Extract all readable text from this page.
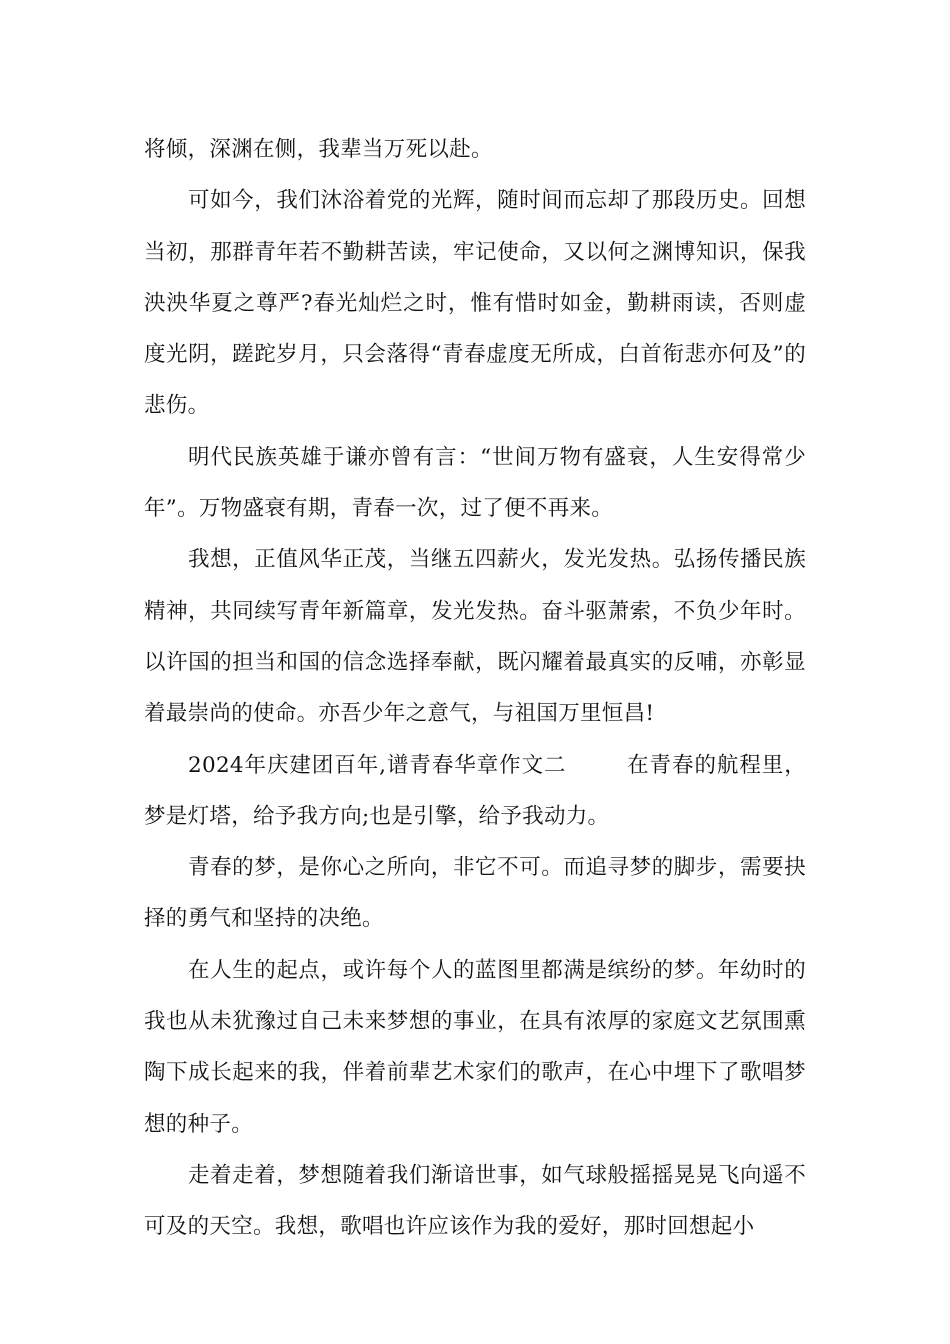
将倾，深渊在侧，我辈当万死以赴。

可如今，我们沐浴着党的光辉，随时间而忘却了那段历史。回想当初，那群青年若不勤耕苦读，牢记使命，又以何之渊博知识，保我泱泱华夏之尊严?春光灿烂之时，惟有惜时如金，勤耕雨读，否则虚度光阴，蹉跎岁月，只会落得“青春虚度无所成，白首衔悲亦何及”的悲伤。

明代民族英雄于谦亦曾有言：“世间万物有盛衰，人生安得常少年”。万物盛衰有期，青春一次，过了便不再来。

我想，正值风华正茂，当继五四薪火，发光发热。弘扬传播民族精神，共同续写青年新篇章，发光发热。奋斗驱萧索，不负少年时。以许国的担当和国的信念选择奉献，既闪耀着最真实的反哺，亦彰显着最崇尚的使命。亦吾少年之意气，与祖国万里恒昌!

2024年庆建团百年,谱青春华章作文二	在青春的航程里，梦是灯塔，给予我方向;也是引擎，给予我动力。

青春的梦，是你心之所向，非它不可。而追寻梦的脚步，需要抉择的勇气和坚持的决绝。

在人生的起点，或许每个人的蓝图里都满是缤纷的梦。年幼时的我也从未犹豫过自己未来梦想的事业，在具有浓厚的家庭文艺氛围熏陶下成长起来的我，伴着前辈艺术家们的歌声，在心中埋下了歌唱梦想的种子。

走着走着，梦想随着我们渐谙世事，如气球般摇摇晃晃飞向遥不可及的天空。我想，歌唱也许应该作为我的爱好，那时回想起小
